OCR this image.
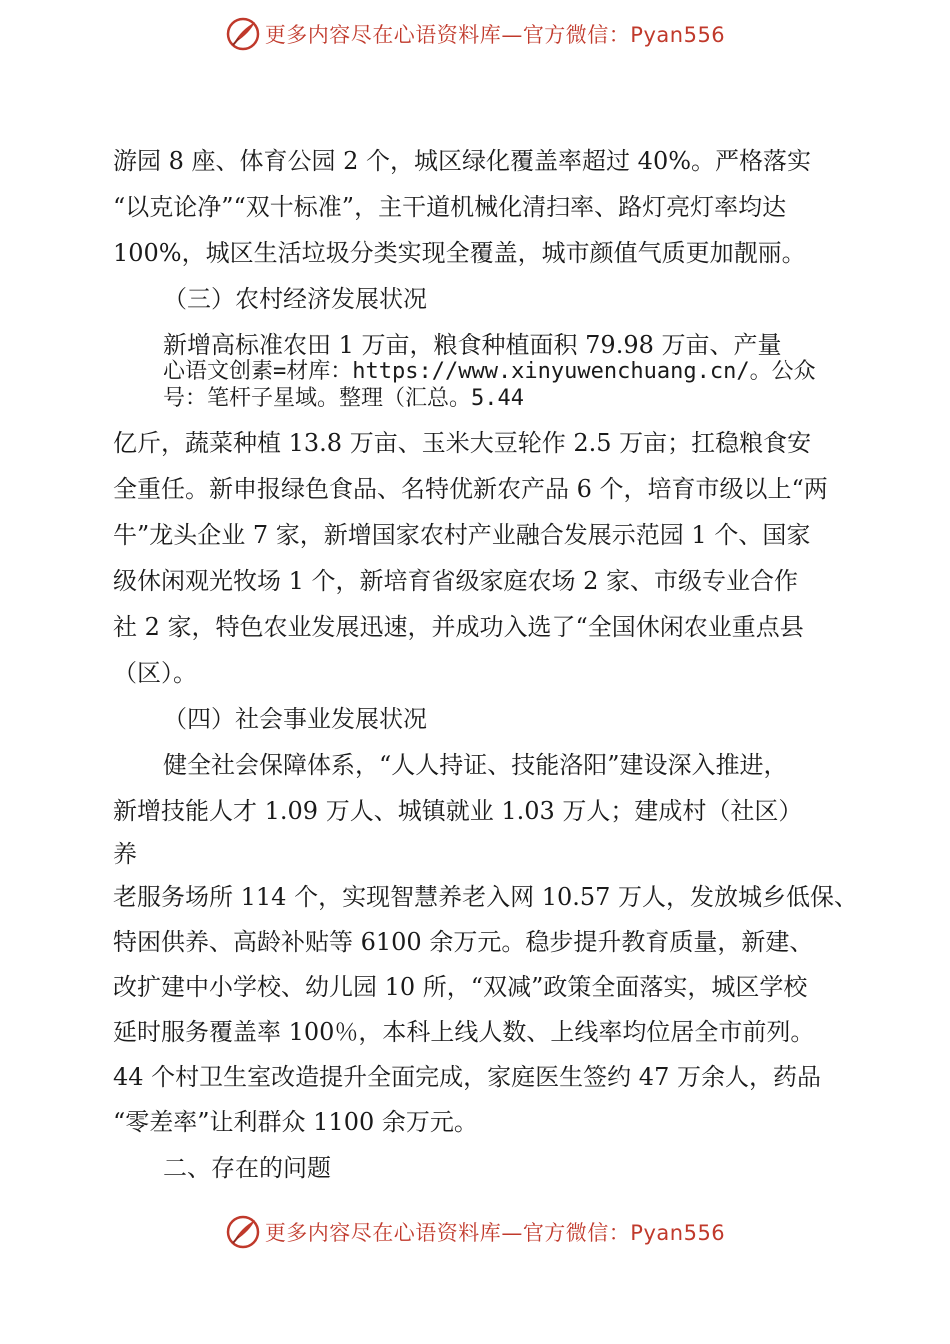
更多内容尽在心语资料库—官方微信：Pyan556
游园 8 座、体育公园 2 个，城区绿化覆盖率超过 40%。严格落实
“以克论净”“双十标准”，主干道机械化清扫率、路灯亮灯率均达
100%，城区生活垃圾分类实现全覆盖，城市颜值气质更加靓丽。
（三）农村经济发展状况
新增高标准农田 1 万亩，粮食种植面积 79.98 万亩、产量
心语文创素=材库：https://www.xinyuwenchuang.cn/。公众
号：笔杆子星域。整理（汇总。5.44
亿斤，蔬菜种植 13.8 万亩、玉米大豆轮作 2.5 万亩；扛稳粮食安
全重任。新申报绿色食品、名特优新农产品 6 个，培育市级以上“两
牛”龙头企业 7 家，新增国家农村产业融合发展示范园 1 个、国家
级休闲观光牧场 1 个，新培育省级家庭农场 2 家、市级专业合作
社 2 家，特色农业发展迅速，并成功入选了“全国休闲农业重点县
（区）。
（四）社会事业发展状况
健全社会保障体系，“人人持证、技能洛阳”建设深入推进，
新增技能人才 1.09 万人、城镇就业 1.03 万人；建成村（社区）
养
老服务场所 114 个，实现智慧养老入网 10.57 万人，发放城乡低保、
特困供养、高龄补贴等 6100 余万元。稳步提升教育质量，新建、
改扩建中小学校、幼儿园 10 所，“双减”政策全面落实，城区学校
延时服务覆盖率 100％，本科上线人数、上线率均位居全市前列。
44 个村卫生室改造提升全面完成，家庭医生签约 47 万余人，药品
“零差率”让利群众 1100 余万元。
二、存在的问题
更多内容尽在心语资料库—官方微信：Pyan556
